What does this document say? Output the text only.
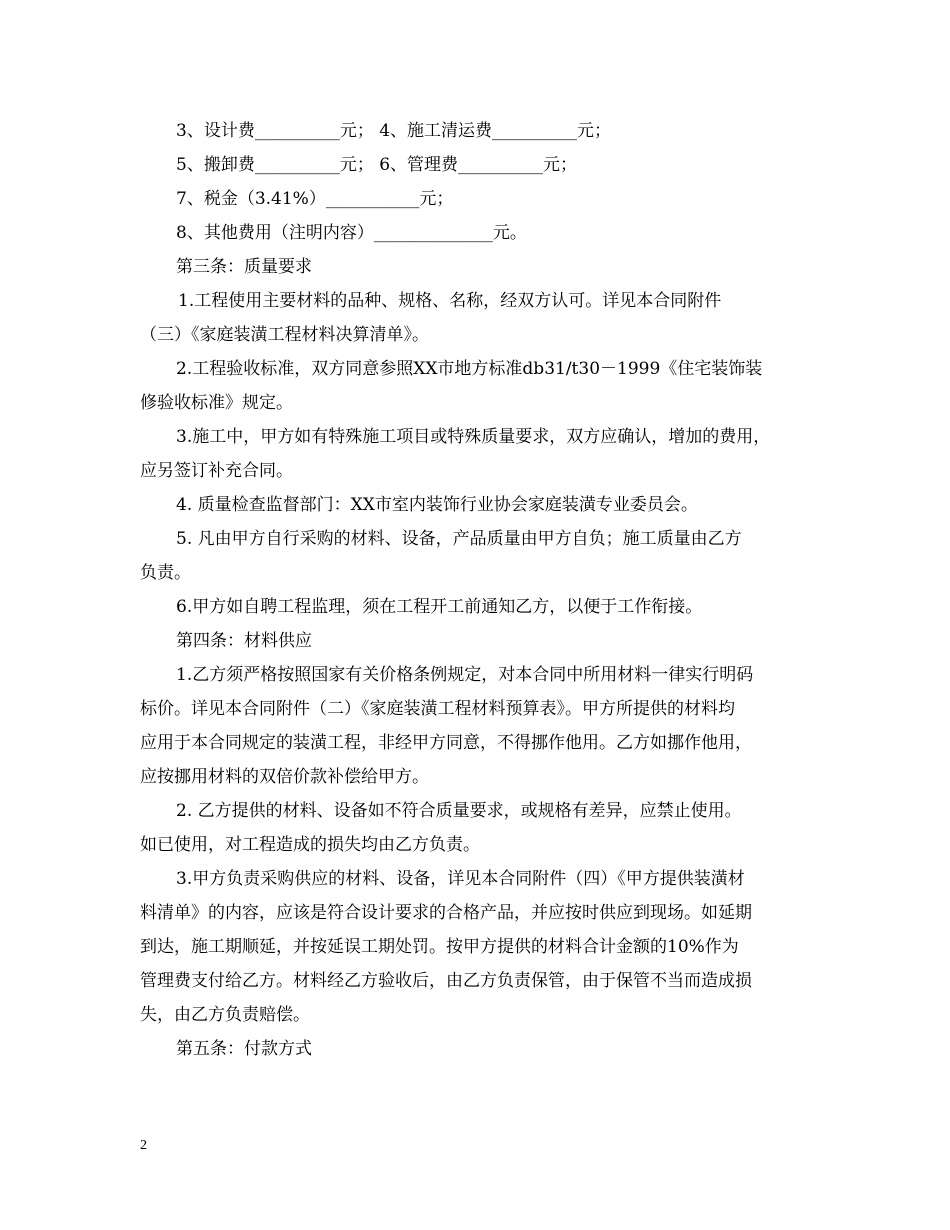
3、设计费__________元； 4、施工清运费__________元；
5、搬卸费__________元； 6、管理费__________元；
7、税金（3.41%）___________元；
8、其他费用（注明内容）______________元。
第三条：质量要求
1.工程使用主要材料的品种、规格、名称，经双方认可。详见本合同附件
（三）《家庭装潢工程材料决算清单》。
2.工程验收标准，双方同意参照XX市地方标准db31/t30－1999《住宅装饰装
修验收标准》规定。
3.施工中，甲方如有特殊施工项目或特殊质量要求，双方应确认，增加的费用，
应另签订补充合同。
4. 质量检查监督部门：XX市室内装饰行业协会家庭装潢专业委员会。
5. 凡由甲方自行采购的材料、设备，产品质量由甲方自负；施工质量由乙方
负责。
6.甲方如自聘工程监理，须在工程开工前通知乙方，以便于工作衔接。
第四条：材料供应
1.乙方须严格按照国家有关价格条例规定，对本合同中所用材料一律实行明码
标价。详见本合同附件（二）《家庭装潢工程材料预算表》。甲方所提供的材料均
应用于本合同规定的装潢工程，非经甲方同意，不得挪作他用。乙方如挪作他用，
应按挪用材料的双倍价款补偿给甲方。
2. 乙方提供的材料、设备如不符合质量要求，或规格有差异，应禁止使用。
如已使用，对工程造成的损失均由乙方负责。
3.甲方负责采购供应的材料、设备，详见本合同附件（四）《甲方提供装潢材
料清单》的内容，应该是符合设计要求的合格产品，并应按时供应到现场。如延期
到达，施工期顺延，并按延误工期处罚。按甲方提供的材料合计金额的10%作为
管理费支付给乙方。材料经乙方验收后，由乙方负责保管，由于保管不当而造成损
失，由乙方负责赔偿。
第五条：付款方式
2
